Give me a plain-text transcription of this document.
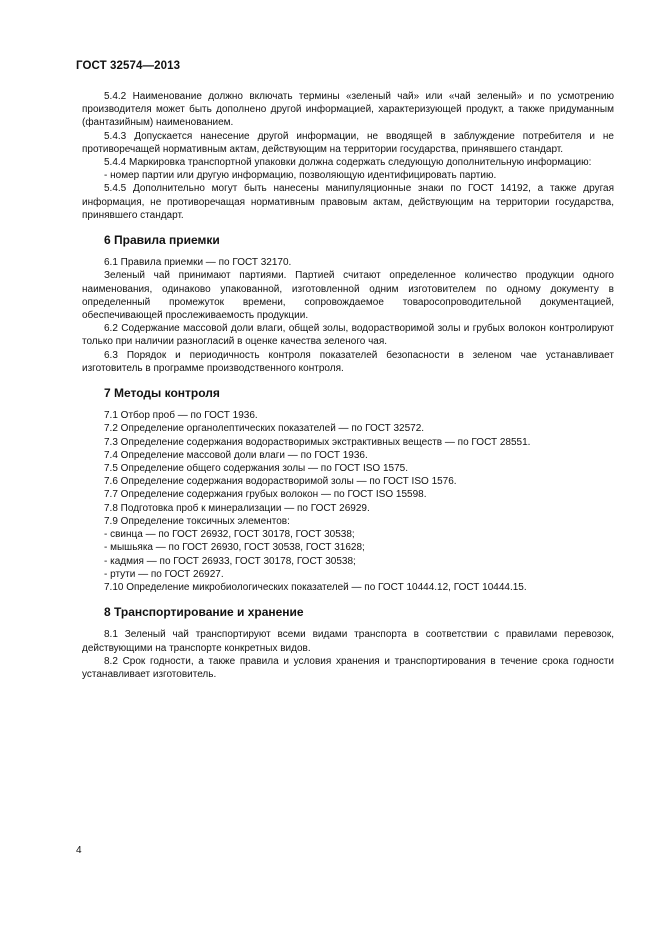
ГОСТ 32574—2013

5.4.2 Наименование должно включать термины «зеленый чай» или «чай зеленый» и по усмотрению производителя может быть дополнено другой информацией, характеризующей продукт, а также придуманным (фантазийным) наименованием.

5.4.3 Допускается нанесение другой информации, не вводящей в заблуждение потребителя и не противоречащей нормативным актам, действующим на территории государства, принявшего стандарт.

5.4.4 Маркировка транспортной упаковки должна содержать следующую дополнительную информацию:

- номер партии или другую информацию, позволяющую идентифицировать партию.

5.4.5 Дополнительно могут быть нанесены манипуляционные знаки по ГОСТ 14192, а также другая информация, не противоречащая нормативным правовым актам, действующим на территории государства, принявшего стандарт.

6 Правила приемки

6.1 Правила приемки — по ГОСТ 32170.

Зеленый чай принимают партиями. Партией считают определенное количество продукции одного наименования, одинаково упакованной, изготовленной одним изготовителем по одному документу в определенный промежуток времени, сопровождаемое товаросопроводительной документацией, обеспечивающей прослеживаемость продукции.

6.2 Содержание массовой доли влаги, общей золы, водорастворимой золы и грубых волокон контролируют только при наличии разногласий в оценке качества зеленого чая.

6.3 Порядок и периодичность контроля показателей безопасности в зеленом чае устанавливает изготовитель в программе производственного контроля.

7 Методы контроля

7.1 Отбор проб — по ГОСТ 1936.

7.2 Определение органолептических показателей — по ГОСТ 32572.

7.3 Определение содержания водорастворимых экстрактивных веществ — по ГОСТ 28551.

7.4 Определение массовой доли влаги — по ГОСТ 1936.

7.5 Определение общего содержания золы — по ГОСТ ISO 1575.

7.6 Определение содержания водорастворимой золы — по ГОСТ ISO 1576.

7.7 Определение содержания грубых волокон — по ГОСТ ISO 15598.

7.8 Подготовка проб к минерализации — по ГОСТ 26929.

7.9 Определение токсичных элементов:

- свинца — по ГОСТ 26932, ГОСТ 30178, ГОСТ 30538;

- мышьяка — по ГОСТ 26930, ГОСТ 30538, ГОСТ 31628;

- кадмия — по ГОСТ 26933, ГОСТ 30178, ГОСТ 30538;

- ртути — по ГОСТ 26927.

7.10 Определение микробиологических показателей — по ГОСТ 10444.12, ГОСТ 10444.15.

8 Транспортирование и хранение

8.1 Зеленый чай транспортируют всеми видами транспорта в соответствии с правилами перевозок, действующими на транспорте конкретных видов.

8.2 Срок годности, а также правила и условия хранения и транспортирования в течение срока годности устанавливает изготовитель.

4
